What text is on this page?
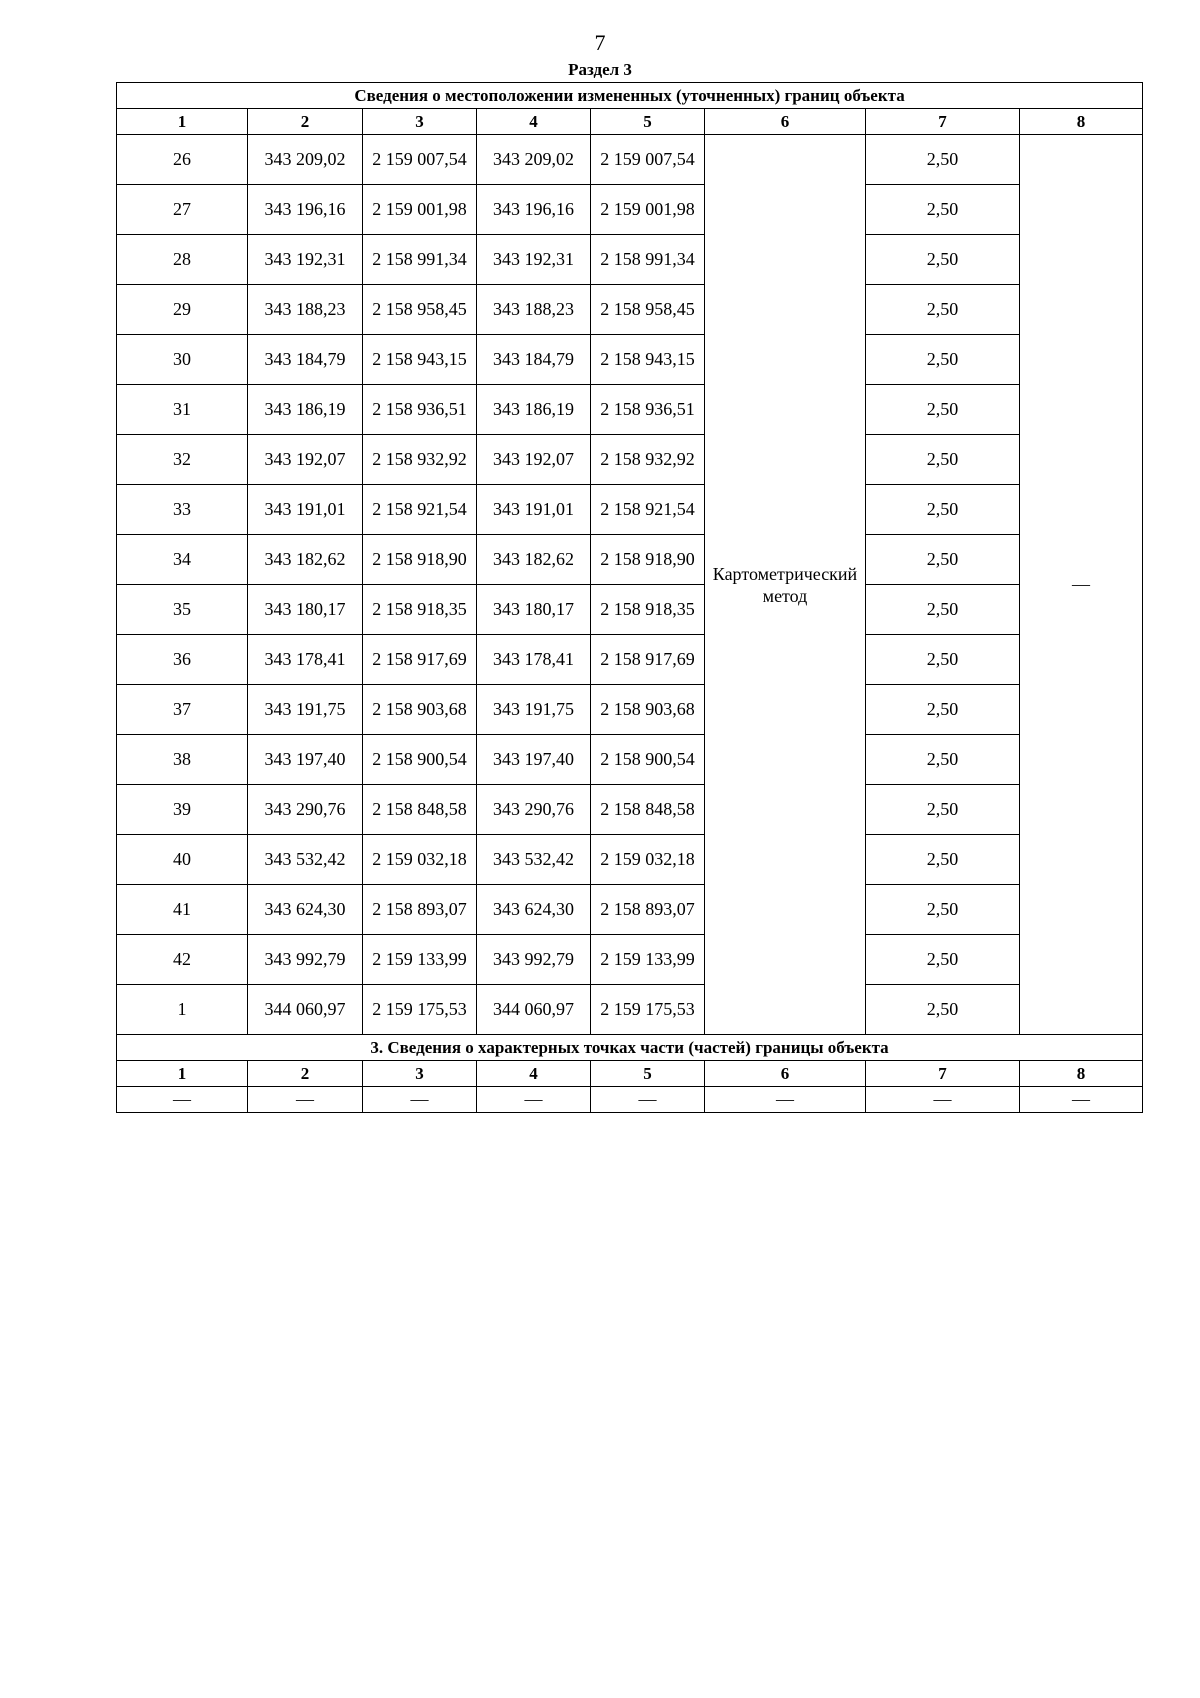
7
Раздел 3
Сведения о местоположении измененных (уточненных) границ объекта							
1	2	3	4	5	6	7	8
26	343 209,02	2 159 007,54	343 209,02	2 159 007,54	Картометрический метод	2,50	—
27	343 196,16	2 159 001,98	343 196,16	2 159 001,98		2,50	
28	343 192,31	2 158 991,34	343 192,31	2 158 991,34		2,50	
29	343 188,23	2 158 958,45	343 188,23	2 158 958,45		2,50	
30	343 184,79	2 158 943,15	343 184,79	2 158 943,15		2,50	
31	343 186,19	2 158 936,51	343 186,19	2 158 936,51		2,50	
32	343 192,07	2 158 932,92	343 192,07	2 158 932,92		2,50	
33	343 191,01	2 158 921,54	343 191,01	2 158 921,54		2,50	
34	343 182,62	2 158 918,90	343 182,62	2 158 918,90		2,50	
35	343 180,17	2 158 918,35	343 180,17	2 158 918,35		2,50	
36	343 178,41	2 158 917,69	343 178,41	2 158 917,69		2,50	
37	343 191,75	2 158 903,68	343 191,75	2 158 903,68		2,50	
38	343 197,40	2 158 900,54	343 197,40	2 158 900,54		2,50	
39	343 290,76	2 158 848,58	343 290,76	2 158 848,58		2,50	
40	343 532,42	2 159 032,18	343 532,42	2 159 032,18		2,50	
41	343 624,30	2 158 893,07	343 624,30	2 158 893,07		2,50	
42	343 992,79	2 159 133,99	343 992,79	2 159 133,99		2,50	
1	344 060,97	2 159 175,53	344 060,97	2 159 175,53		2,50	
3. Сведения о характерных точках части (частей) границы объекта							
1	2	3	4	5	6	7	8
—	—	—	—	—	—	—	—
